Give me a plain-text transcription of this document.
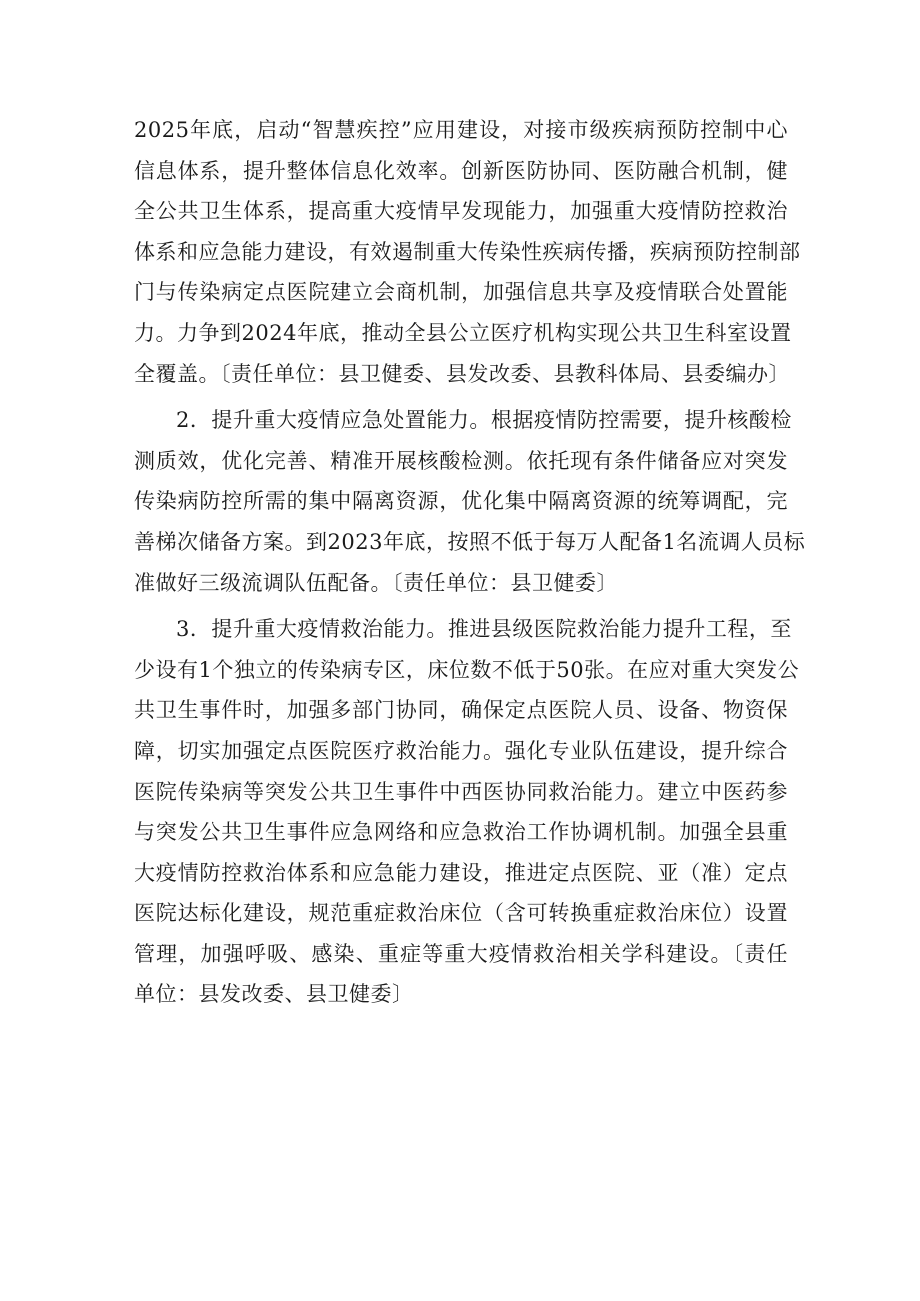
2025年底，启动“智慧疾控”应用建设，对接市级疾病预防控制中心
信息体系，提升整体信息化效率。创新医防协同、医防融合机制，健
全公共卫生体系，提高重大疫情早发现能力，加强重大疫情防控救治
体系和应急能力建设，有效遏制重大传染性疾病传播，疾病预防控制部
门与传染病定点医院建立会商机制，加强信息共享及疫情联合处置能
力。力争到2024年底，推动全县公立医疗机构实现公共卫生科室设置
全覆盖。〔责任单位：县卫健委、县发改委、县教科体局、县委编办〕
2．提升重大疫情应急处置能力。根据疫情防控需要，提升核酸检
测质效，优化完善、精准开展核酸检测。依托现有条件储备应对突发
传染病防控所需的集中隔离资源，优化集中隔离资源的统筹调配，完
善梯次储备方案。到2023年底，按照不低于每万人配备1名流调人员标
准做好三级流调队伍配备。〔责任单位：县卫健委〕
3．提升重大疫情救治能力。推进县级医院救治能力提升工程，至
少设有1个独立的传染病专区，床位数不低于50张。在应对重大突发公
共卫生事件时，加强多部门协同，确保定点医院人员、设备、物资保
障，切实加强定点医院医疗救治能力。强化专业队伍建设，提升综合
医院传染病等突发公共卫生事件中西医协同救治能力。建立中医药参
与突发公共卫生事件应急网络和应急救治工作协调机制。加强全县重
大疫情防控救治体系和应急能力建设，推进定点医院、亚（准）定点
医院达标化建设，规范重症救治床位（含可转换重症救治床位）设置
管理，加强呼吸、感染、重症等重大疫情救治相关学科建设。〔责任
单位：县发改委、县卫健委〕
